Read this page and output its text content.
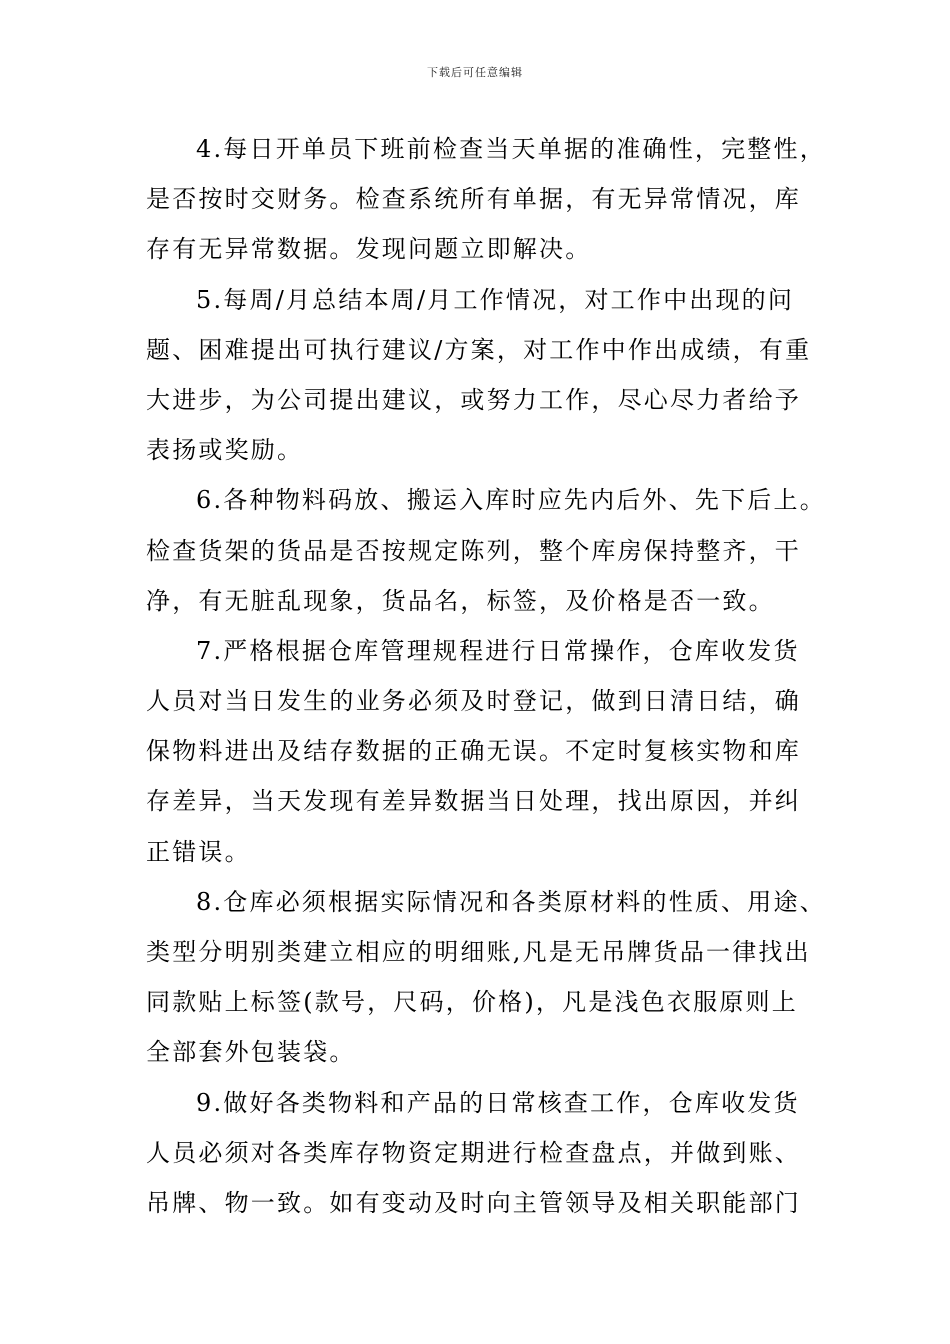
下载后可任意编辑
4.每日开单员下班前检查当天单据的准确性，完整性，
是否按时交财务。检查系统所有单据，有无异常情况，库
存有无异常数据。发现问题立即解决。
5.每周/月总结本周/月工作情况，对工作中出现的问
题、困难提出可执行建议/方案，对工作中作出成绩，有重
大进步，为公司提出建议，或努力工作，尽心尽力者给予
表扬或奖励。
6.各种物料码放、搬运入库时应先内后外、先下后上。
检查货架的货品是否按规定陈列，整个库房保持整齐，干
净，有无脏乱现象，货品名，标签，及价格是否一致。
7.严格根据仓库管理规程进行日常操作，仓库收发货
人员对当日发生的业务必须及时登记，做到日清日结，确
保物料进出及结存数据的正确无误。不定时复核实物和库
存差异，当天发现有差异数据当日处理，找出原因，并纠
正错误。
8.仓库必须根据实际情况和各类原材料的性质、用途、
类型分明别类建立相应的明细账,凡是无吊牌货品一律找出
同款贴上标签(款号，尺码，价格)，凡是浅色衣服原则上
全部套外包装袋。
9.做好各类物料和产品的日常核查工作，仓库收发货
人员必须对各类库存物资定期进行检查盘点，并做到账、
吊牌、物一致。如有变动及时向主管领导及相关职能部门
